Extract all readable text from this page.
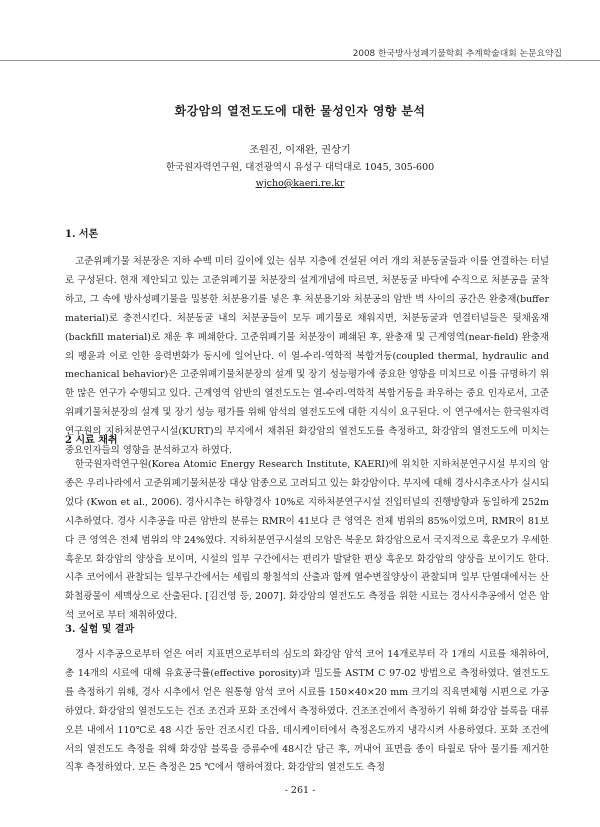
2008 한국방사성폐기물학회 추계학술대회 논문요약집
화강암의 열전도도에 대한 물성인자 영향 분석
조원진, 이재완, 권상기
한국원자력연구원, 대전광역시 유성구 대덕대로 1045, 305-600
wjcho@kaeri.re.kr
1. 서론
고준위폐기물 처분장은 지하 수백 미터 깊이에 있는 심부 지층에 건설된 여러 개의 처분동굴들과 이를 연결하는 터널로 구성된다. 현재 제안되고 있는 고준위폐기물 처분장의 설계개념에 따르면, 처분동굴 바닥에 수직으로 처분공을 굴착하고, 그 속에 방사성폐기물을 밀봉한 처분용기를 넣은 후 처분용기와 처분공의 암반 벽 사이의 공간은 완충재(buffer material)로 충전시킨다. 처분동굴 내의 처분공들이 모두 폐기물로 채워지면, 처분동굴과 연결터널들은 뒷채움재(backfill material)로 채운 후 폐쇄한다. 고준위폐기물 처분장이 폐쇄된 후, 완충재 및 근계영역(near-field) 완충재의 팽윤과 이로 인한 응력변화가 동시에 일어난다. 이 열-수리-역학적 복합거동(coupled thermal, hydraulic and mechanical behavior)은 고준위폐기물처분장의 설계 및 장기 성능평가에 중요한 영향을 미치므로 이를 규명하기 위한 많은 연구가 수행되고 있다. 근계영역 암반의 열전도도는 열-수리-역학적 복합거동을 좌우하는 중요 인자로서, 고준위폐기물처분장의 설계 및 장기 성능 평가를 위해 암석의 열전도도에 대한 지식이 요구된다. 이 연구에서는 한국원자력연구원의 지하처분연구시설(KURT)의 부지에서 채취된 화강암의 열전도도를 측정하고, 화강암의 열전도도에 미치는 중요인자들의 영향을 분석하고자 하였다.
2 시료 채취
한국원자력연구원(Korea Atomic Energy Research Institute, KAERI)에 위치한 지하처분연구시설 부지의 암종은 우리나라에서 고준위폐기물처분장 대상 암종으로 고려되고 있는 화강암이다. 부지에 대해 경사시추조사가 실시되었다 (Kwon et al., 2006). 경사시추는 하향경사 10%로 지하처분연구시설 진입터널의 진행방향과 동일하게 252m 시추하였다. 경사 시추공을 따른 암반의 분류는 RMR이 41보다 큰 영역은 전체 범위의 85%이었으며, RMR이 81보다 큰 영역은 전체 범위의 약 24%였다. 지하처분연구시설의 모암은 복운모 화강암으로서 국지적으로 흑운모가 우세한 흑운모 화강암의 양상을 보이며, 시설의 일부 구간에서는 편리가 발달한 편상 흑운모 화강암의 양상을 보이기도 한다. 시추 코어에서 관찰되는 일부구간에서는 세립의 황철석의 산출과 함께 열수변질양상이 관찰되며 일부 단열대에서는 산화철광물이 세맥상으로 산출된다. [김건영 등, 2007]. 화강암의 열전도도 측정을 위한 시료는 경사시추공에서 얻은 암석 코어로 부터 채취하였다.
3. 실험 및 결과
경사 시추공으로부터 얻은 여러 지표면으로부터의 심도의 화강암 암석 코어 14개로부터 각 1개의 시료를 채취하여, 총 14개의 시료에 대해 유효공극률(effective porosity)과 밀도를 ASTM C 97-02 방법으로 측정하였다. 열전도도를 측정하기 위해, 경사 시추에서 얻은 원통형 암석 코어 시료를 150×40×20 mm 크기의 직육면체형 시편으로 가공하였다. 화강암의 열전도도는 건조 조건과 포화 조건에서 측정하였다. 건조조건에서 측정하기 위해 화강암 블록을 대류오븐 내에서 110℃로 48 시간 동안 건조시킨 다음, 데시케이터에서 측정온도까지 냉각시켜 사용하였다. 포화 조건에서의 열전도도 측정을 위해 화강암 블록을 증류수에 48시간 담근 후, 꺼내어 표면을 종이 타월로 닦아 물기를 제거한 직후 측정하였다. 모든 측정은 25 ℃에서 행하여졌다. 화강암의 열전도도 측정
- 261 -
